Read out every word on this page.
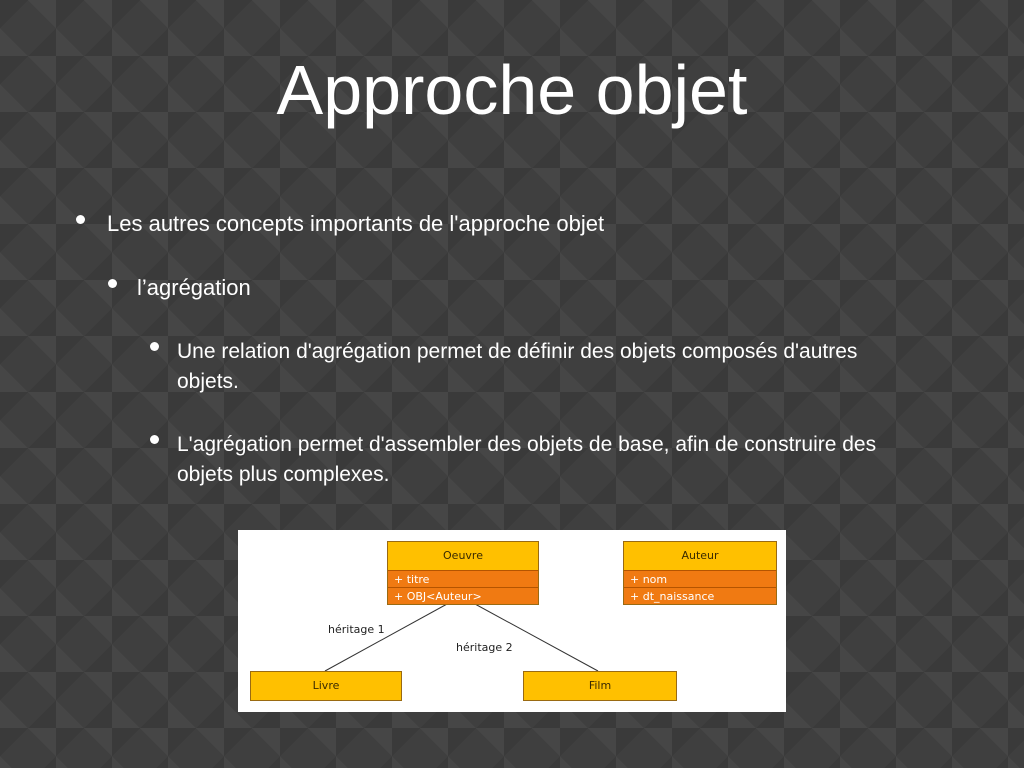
Approche objet
Les autres concepts importants de l'approche objet
l’agrégation
Une relation d'agrégation permet de définir des objets composés d'autres objets.
L'agrégation permet d'assembler des objets de base, afin de construire des objets plus complexes.
Oeuvre
+ titre
+ OBJ<Auteur>
Auteur
+ nom
+ dt_naissance
Livre	Film
héritage 1
héritage 2
